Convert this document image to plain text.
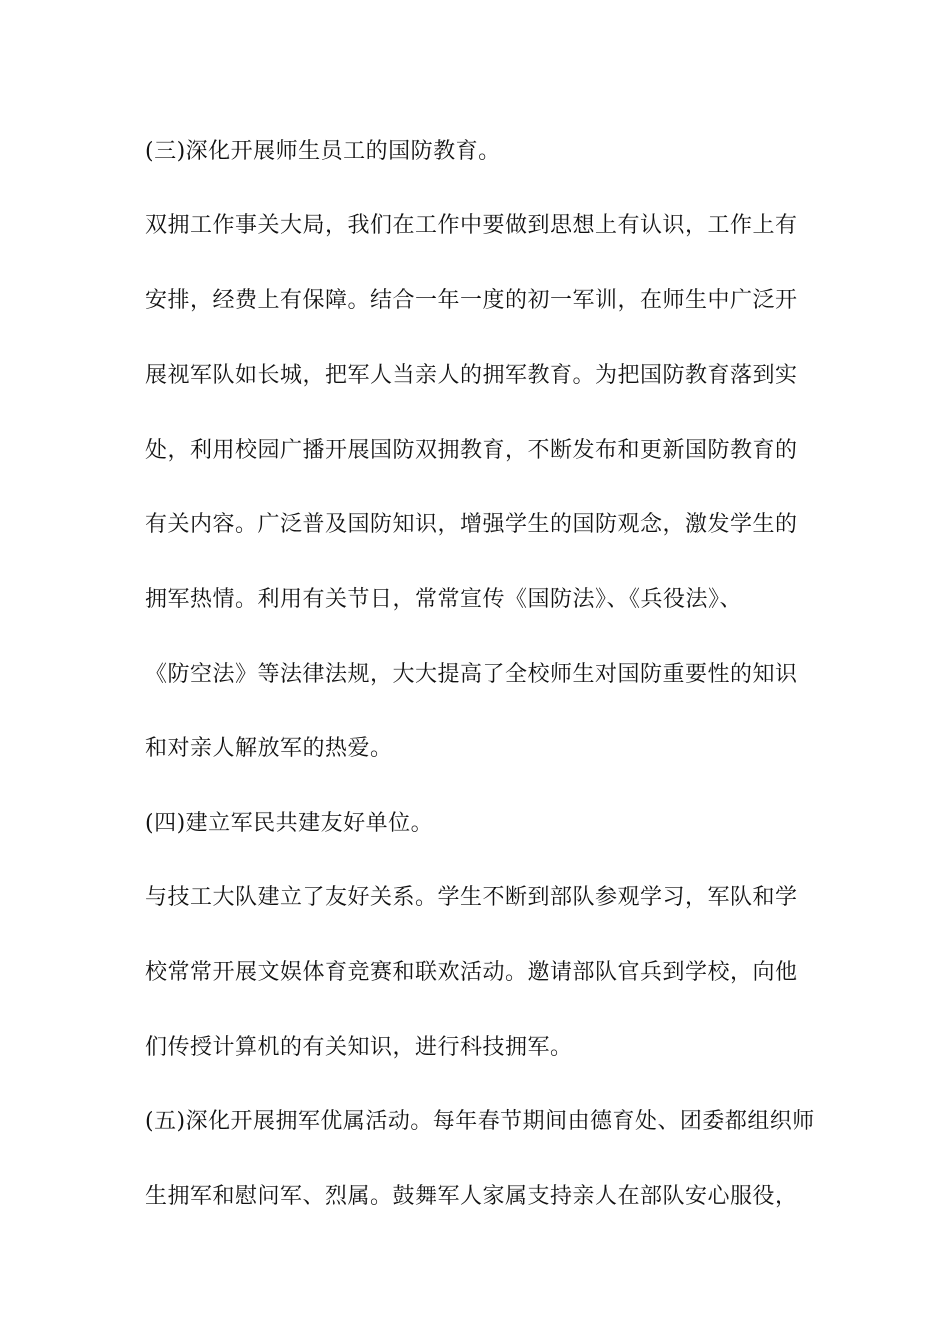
(三)深化开展师生员工的国防教育。
双拥工作事关大局，我们在工作中要做到思想上有认识，工作上有
安排，经费上有保障。结合一年一度的初一军训，在师生中广泛开
展视军队如长城，把军人当亲人的拥军教育。为把国防教育落到实
处，利用校园广播开展国防双拥教育，不断发布和更新国防教育的
有关内容。广泛普及国防知识，增强学生的国防观念，激发学生的
拥军热情。利用有关节日，常常宣传《国防法》、《兵役法》、
《防空法》等法律法规，大大提高了全校师生对国防重要性的知识
和对亲人解放军的热爱。
(四)建立军民共建友好单位。
与技工大队建立了友好关系。学生不断到部队参观学习，军队和学
校常常开展文娱体育竞赛和联欢活动。邀请部队官兵到学校，向他
们传授计算机的有关知识，进行科技拥军。
(五)深化开展拥军优属活动。每年春节期间由德育处、团委都组织师
生拥军和慰问军、烈属。鼓舞军人家属支持亲人在部队安心服役，
